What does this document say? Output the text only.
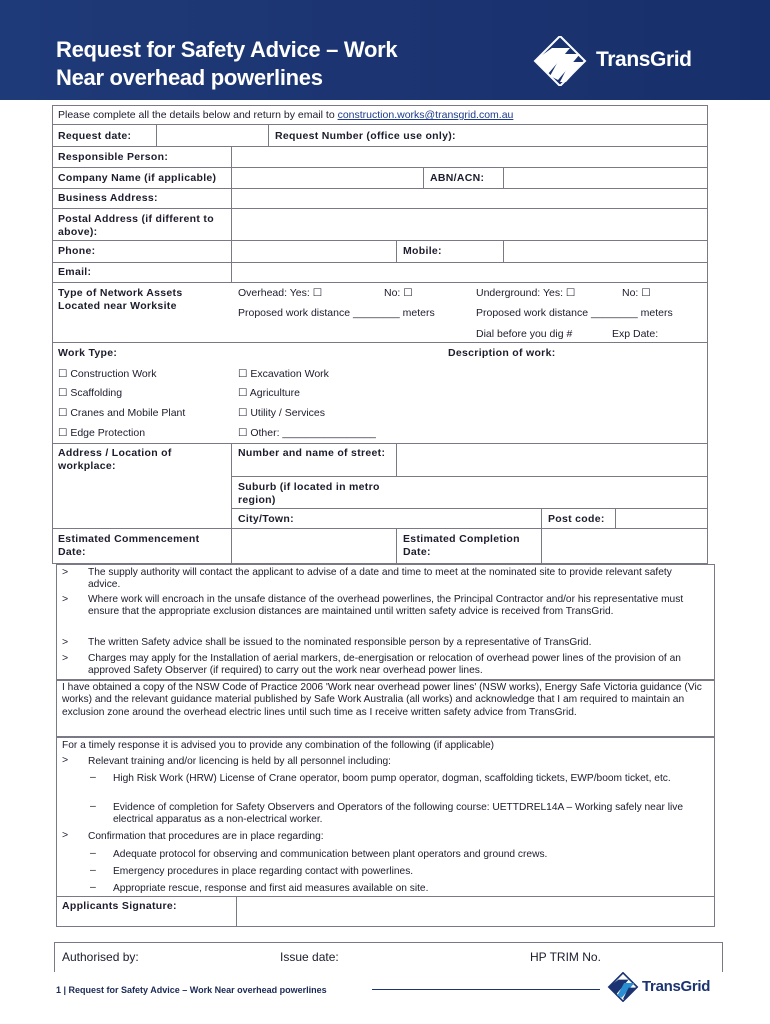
Request for Safety Advice – Work
Near overhead powerlines
TransGrid
Please complete all the details below and return by email to construction.works@transgrid.com.au
Request date:	Request Number (office use only):
Responsible Person:
Company Name (if applicable)	ABN/ACN:
Business Address:
Postal Address (if different to above):
Phone:	Mobile:
Email:
Type of Network Assets Located near Worksite
Overhead: Yes: ☐	No: ☐	Underground: Yes: ☐	No: ☐
Proposed work distance ________ meters	Proposed work distance ________ meters
Dial before you dig #	Exp Date:
Work Type:	Description of work:
☐ Construction Work
☐ Scaffolding
☐ Cranes and Mobile Plant
☐ Edge Protection
☐ Excavation Work
☐ Agriculture
☐ Utility / Services
☐ Other: ________________
Address / Location of workplace:
Number and name of street:
Suburb (if located in metro region)
City/Town:	Post code:
Estimated Commencement Date:
Estimated Completion Date:
> The supply authority will contact the applicant to advise of a date and time to meet at the nominated site to provide relevant safety advice.
> Where work will encroach in the unsafe distance of the overhead powerlines, the Principal Contractor and/or his representative must ensure that the appropriate exclusion distances are maintained until written safety advice is received from TransGrid.
> The written Safety advice shall be issued to the nominated responsible person by a representative of TransGrid.
> Charges may apply for the Installation of aerial markers, de-energisation or relocation of overhead power lines of the provision of an approved Safety Observer (if required) to carry out the work near overhead power lines.
I have obtained a copy of the NSW Code of Practice 2006 'Work near overhead power lines' (NSW works), Energy Safe Victoria guidance (Vic works) and the relevant guidance material published by Safe Work Australia (all works) and acknowledge that I am required to maintain an exclusion zone around the overhead electric lines until such time as I receive written safety advice from TransGrid.
For a timely response it is advised you to provide any combination of the following (if applicable)
> Relevant training and/or licencing is held by all personnel including:
– High Risk Work (HRW) License of Crane operator, boom pump operator, dogman, scaffolding tickets, EWP/boom ticket, etc.
– Evidence of completion for Safety Observers and Operators of the following course: UETTDREL14A – Working safely near live electrical apparatus as a non-electrical worker.
> Confirmation that procedures are in place regarding:
– Adequate protocol for observing and communication between plant operators and ground crews.
– Emergency procedures in place regarding contact with powerlines.
– Appropriate rescue, response and first aid measures available on site.
Applicants Signature:
Authorised by:	Issue date:	HP TRIM No.
1 | Request for Safety Advice – Work Near overhead powerlines	TransGrid
